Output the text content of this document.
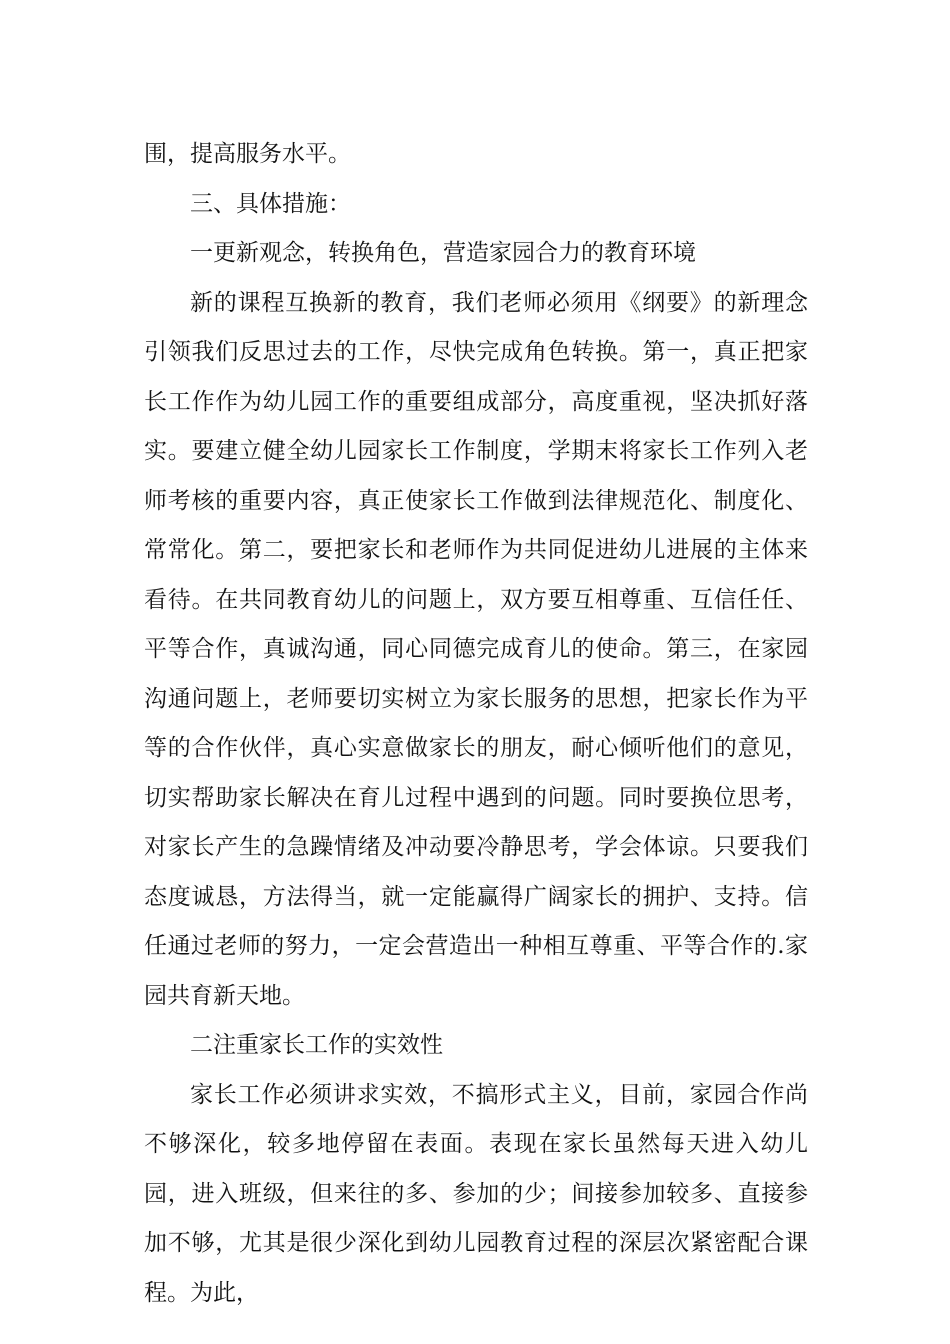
围，提高服务水平。

三、具体措施：

一更新观念，转换角色，营造家园合力的教育环境

新的课程互换新的教育，我们老师必须用《纲要》的新理念引领我们反思过去的工作，尽快完成角色转换。第一，真正把家长工作作为幼儿园工作的重要组成部分，高度重视，坚决抓好落实。要建立健全幼儿园家长工作制度，学期末将家长工作列入老师考核的重要内容，真正使家长工作做到法律规范化、制度化、常常化。第二，要把家长和老师作为共同促进幼儿进展的主体来看待。在共同教育幼儿的问题上，双方要互相尊重、互信任任、平等合作，真诚沟通，同心同德完成育儿的使命。第三，在家园沟通问题上，老师要切实树立为家长服务的思想，把家长作为平等的合作伙伴，真心实意做家长的朋友，耐心倾听他们的意见，切实帮助家长解决在育儿过程中遇到的问题。同时要换位思考，对家长产生的急躁情绪及冲动要冷静思考，学会体谅。只要我们态度诚恳，方法得当，就一定能赢得广阔家长的拥护、支持。信任通过老师的努力，一定会营造出一种相互尊重、平等合作的.家园共育新天地。

二注重家长工作的实效性

家长工作必须讲求实效，不搞形式主义，目前，家园合作尚不够深化，较多地停留在表面。表现在家长虽然每天进入幼儿园，进入班级，但来往的多、参加的少；间接参加较多、直接参加不够，尤其是很少深化到幼儿园教育过程的深层次紧密配合课程。为此，
